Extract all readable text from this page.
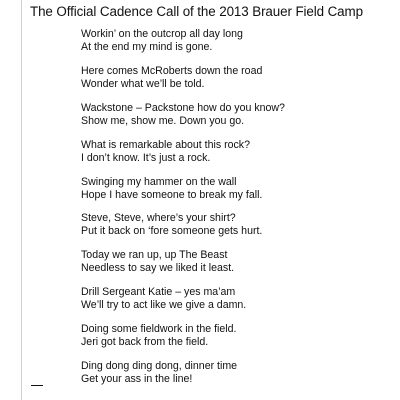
The Official Cadence Call of the 2013 Brauer Field Camp
Workin’ on the outcrop all day long
At the end my mind is gone.
Here comes McRoberts down the road
Wonder what we’ll be told.
Wackstone – Packstone how do you know?
Show me, show me. Down you go.
What is remarkable about this rock?
I don’t know. It’s just a rock.
Swinging my hammer on the wall
Hope I have someone to break my fall.
Steve, Steve, where’s your shirt?
Put it back on ‘fore someone gets hurt.
Today we ran up, up The Beast
Needless to say we liked it least.
Drill Sergeant Katie – yes ma’am
We’ll try to act like we give a damn.
Doing some fieldwork in the field.
Jeri got back from the field.
Ding dong ding dong, dinner time
Get your ass in the line!
